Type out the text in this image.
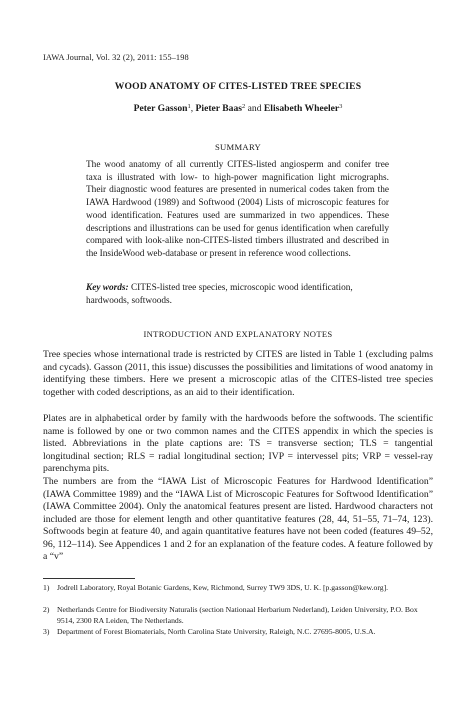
IAWA Journal, Vol. 32 (2), 2011: 155–198
WOOD ANATOMY OF CITES-LISTED TREE SPECIES
Peter Gasson$^1$, Pieter Baas$^2$ and Elisabeth Wheeler$^3$
SUMMARY

The wood anatomy of all currently CITES-listed angiosperm and conifer tree taxa is illustrated with low- to high-power magnification light micrographs. Their diagnostic wood features are presented in numerical codes taken from the IAWA Hardwood (1989) and Softwood (2004) Lists of microscopic features for wood identification. Features used are summarized in two appendices. These descriptions and illustrations can be used for genus identification when carefully compared with look-alike non-CITES-listed timbers illustrated and described in the InsideWood web-database or present in reference wood collections.

Key words: CITES-listed tree species, microscopic wood identification, hardwoods, softwoods.

INTRODUCTION AND EXPLANATORY NOTES

Tree species whose international trade is restricted by CITES are listed in Table 1 (excluding palms and cycads). Gasson (2011, this issue) discusses the possibilities and limitations of wood anatomy in identifying these timbers. Here we present a microscopic atlas of the CITES-listed tree species together with coded descriptions, as an aid to their identification.

Plates are in alphabetical order by family with the hardwoods before the softwoods. The scientific name is followed by one or two common names and the CITES appendix in which the species is listed. Abbreviations in the plate captions are: TS = transverse section; TLS = tangential longitudinal section; RLS = radial longitudinal section; IVP = intervessel pits; VRP = vessel-ray parenchyma pits.

The numbers are from the “IAWA List of Microscopic Features for Hardwood Identification” (IAWA Committee 1989) and the “IAWA List of Microscopic Features for Softwood Identification” (IAWA Committee 2004). Only the anatomical features present are listed. Hardwood characters not included are those for element length and other quantitative features (28, 44, 51–55, 71–74, 123). Softwoods begin at feature 40, and again quantitative features have not been coded (features 49–52, 96, 112–114). See Appendices 1 and 2 for an explanation of the feature codes. A feature followed by a “v”

1) Jodrell Laboratory, Royal Botanic Gardens, Kew, Richmond, Surrey TW9 3DS, U. K. [p.gasson@kew.org].
2) Netherlands Centre for Biodiversity Naturalis (section Nationaal Herbarium Nederland), Leiden University, P.O. Box 9514, 2300 RA Leiden, The Netherlands.
3) Department of Forest Biomaterials, North Carolina State University, Raleigh, N.C. 27695-8005, U.S.A.
